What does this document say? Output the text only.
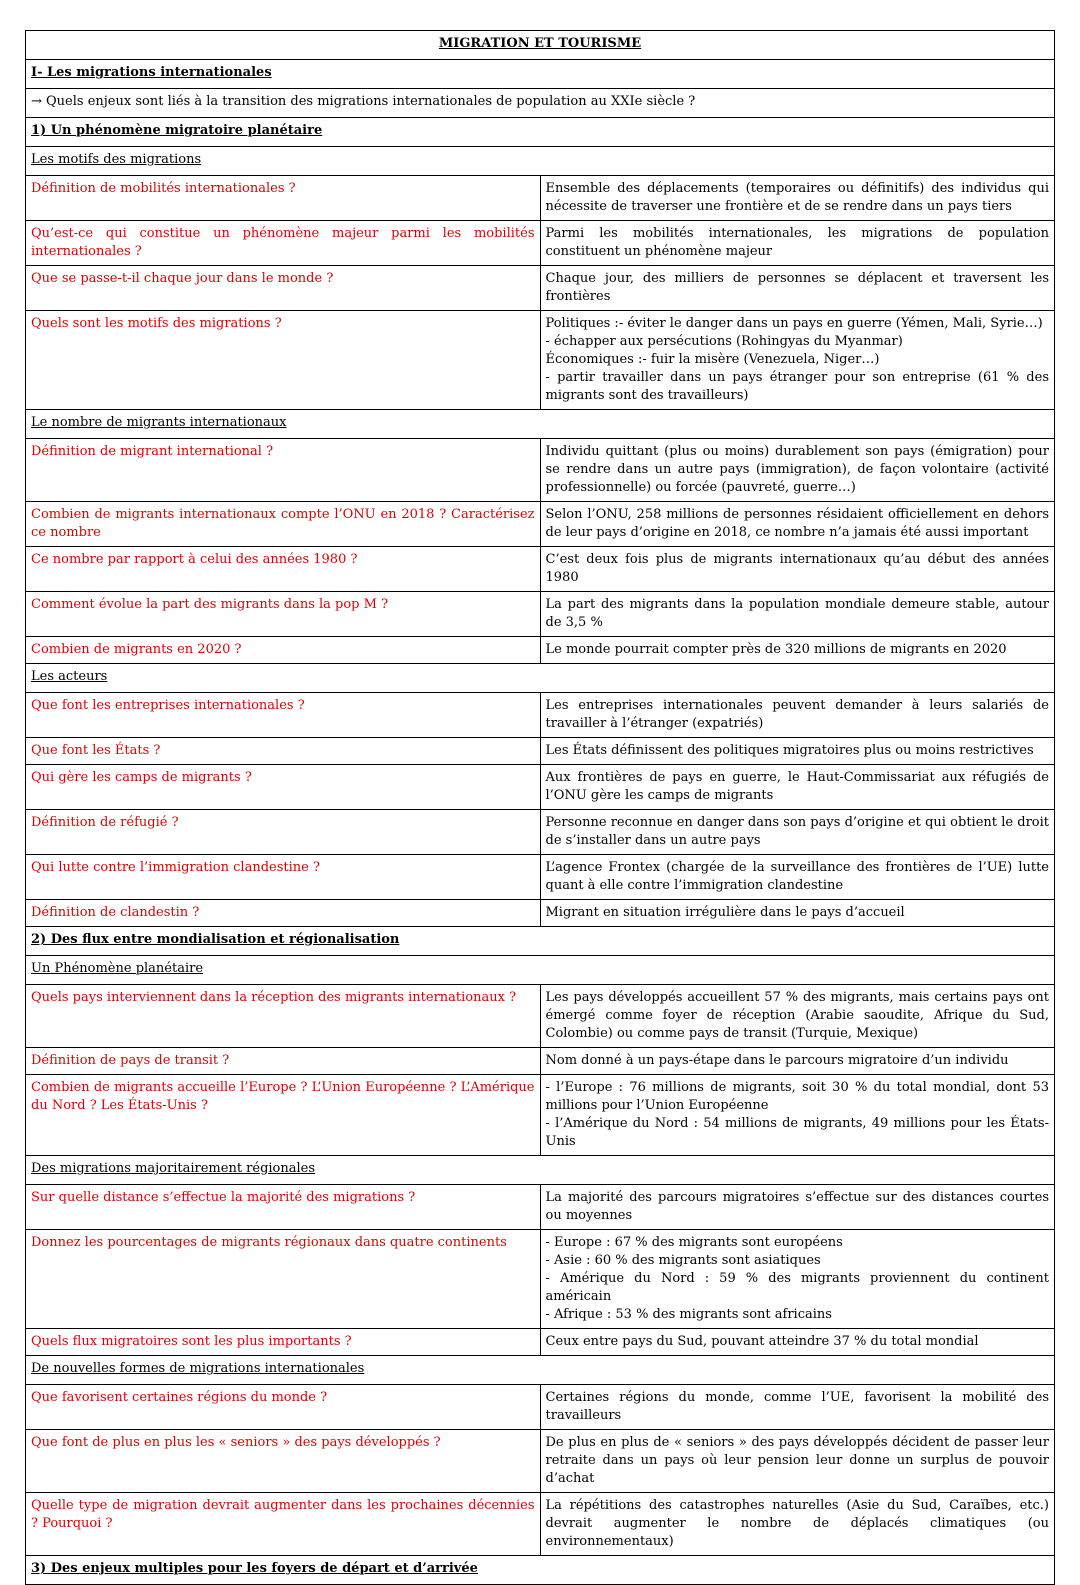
MIGRATION ET TOURISME	
I- Les migrations internationales	
→ Quels enjeux sont liés à la transition des migrations internationales de population au XXIe siècle ?	
1) Un phénomène migratoire planétaire	
Les motifs des migrations	
Définition de mobilités internationales ?	Ensemble des déplacements (temporaires ou définitifs) des individus qui nécessite de traverser une frontière et de se rendre dans un pays tiers
Qu’est-ce qui constitue un phénomène majeur parmi les mobilités internationales ?	Parmi les mobilités internationales, les migrations de population constituent un phénomène majeur
Que se passe-t-il chaque jour dans le monde ?	Chaque jour, des milliers de personnes se déplacent et traversent les frontières
Quels sont les motifs des migrations ?	Politiques :- éviter le danger dans un pays en guerre (Yémen, Mali, Syrie…)
- échapper aux persécutions (Rohingyas du Myanmar)
Économiques :- fuir la misère (Venezuela, Niger…)
- partir travailler dans un pays étranger pour son entreprise (61 % des migrants sont des travailleurs)

Le nombre de migrants internationaux	
Définition de migrant international ?	Individu quittant (plus ou moins) durablement son pays (émigration) pour se rendre dans un autre pays (immigration), de façon volontaire (activité professionnelle) ou forcée (pauvreté, guerre…)
Combien de migrants internationaux compte l’ONU en 2018 ? Caractérisez ce nombre	Selon l’ONU, 258 millions de personnes résidaient officiellement en dehors de leur pays d’origine en 2018, ce nombre n’a jamais été aussi important
Ce nombre par rapport à celui des années 1980 ?	C’est deux fois plus de migrants internationaux qu’au début des années 1980
Comment évolue la part des migrants dans la pop M ?	La part des migrants dans la population mondiale demeure stable, autour de 3,5 %
Combien de migrants en 2020 ?	Le monde pourrait compter près de 320 millions de migrants en 2020
Les acteurs	
Que font les entreprises internationales ?	Les entreprises internationales peuvent demander à leurs salariés de travailler à l’étranger (expatriés)
Que font les États ?	Les États définissent des politiques migratoires plus ou moins restrictives
Qui gère les camps de migrants ?	Aux frontières de pays en guerre, le Haut-Commissariat aux réfugiés de l’ONU gère les camps de migrants
Définition de réfugié ?	Personne reconnue en danger dans son pays d’origine et qui obtient le droit de s’installer dans un autre pays
Qui lutte contre l’immigration clandestine ?	L’agence Frontex (chargée de la surveillance des frontières de l’UE) lutte quant à elle contre l’immigration clandestine
Définition de clandestin ?	Migrant en situation irrégulière dans le pays d’accueil
2) Des flux entre mondialisation et régionalisation	
Un Phénomène planétaire	
Quels pays interviennent dans la réception des migrants internationaux ?	Les pays développés accueillent 57 % des migrants, mais certains pays ont émergé comme foyer de réception (Arabie saoudite, Afrique du Sud, Colombie) ou comme pays de transit (Turquie, Mexique)
Définition de pays de transit ?	Nom donné à un pays-étape dans le parcours migratoire d’un individu
Combien de migrants accueille l’Europe ? L’Union Européenne ? L’Amérique du Nord ? Les États-Unis ?	- l’Europe : 76 millions de migrants, soit 30 % du total mondial, dont 53 millions pour l’Union Européenne
- l’Amérique du Nord : 54 millions de migrants, 49 millions pour les États-Unis

Des migrations majoritairement régionales	
Sur quelle distance s’effectue la majorité des migrations ?	La majorité des parcours migratoires s’effectue sur des distances courtes ou moyennes
Donnez les pourcentages de migrants régionaux dans quatre continents	- Europe : 67 % des migrants sont européens
- Asie : 60 % des migrants sont asiatiques
- Amérique du Nord : 59 % des migrants proviennent du continent américain
- Afrique : 53 % des migrants sont africains

Quels flux migratoires sont les plus importants ?	Ceux entre pays du Sud, pouvant atteindre 37 % du total mondial
De nouvelles formes de migrations internationales	
Que favorisent certaines régions du monde ?	Certaines régions du monde, comme l’UE, favorisent la mobilité des travailleurs
Que font de plus en plus les « seniors » des pays développés ?	De plus en plus de « seniors » des pays développés décident de passer leur retraite dans un pays où leur pension leur donne un surplus de pouvoir d’achat
Quelle type de migration devrait augmenter dans les prochaines décennies ? Pourquoi ?	La répétitions des catastrophes naturelles (Asie du Sud, Caraïbes, etc.) devrait augmenter le nombre de déplacés climatiques (ou environnementaux)
3) Des enjeux multiples pour les foyers de départ et d’arrivée	
